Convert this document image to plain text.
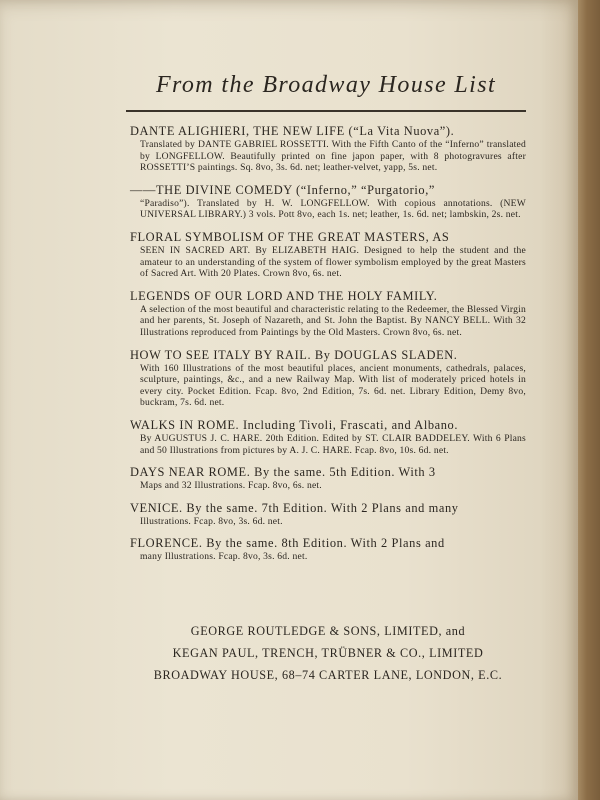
From the Broadway House List
DANTE ALIGHIERI, THE NEW LIFE (“La Vita Nuova”).
Translated by DANTE GABRIEL ROSSETTI. With the Fifth Canto of the “Inferno” translated by LONGFELLOW. Beautifully printed on fine japon paper, with 8 photogravures after ROSSETTI’S paintings. Sq. 8vo, 3s. 6d. net; leather-velvet, yapp, 5s. net.
——THE DIVINE COMEDY (“Inferno,” “Purgatorio,”
“Paradiso”). Translated by H. W. LONGFELLOW. With copious annotations. (NEW UNIVERSAL LIBRARY.) 3 vols. Pott 8vo, each 1s. net; leather, 1s. 6d. net; lambskin, 2s. net.
FLORAL SYMBOLISM OF THE GREAT MASTERS, AS
SEEN IN SACRED ART. By ELIZABETH HAIG. Designed to help the student and the amateur to an understanding of the system of flower symbolism employed by the great Masters of Sacred Art. With 20 Plates. Crown 8vo, 6s. net.
LEGENDS OF OUR LORD AND THE HOLY FAMILY.
A selection of the most beautiful and characteristic relating to the Redeemer, the Blessed Virgin and her parents, St. Joseph of Nazareth, and St. John the Baptist. By NANCY BELL. With 32 Illustrations reproduced from Paintings by the Old Masters. Crown 8vo, 6s. net.
HOW TO SEE ITALY BY RAIL. By DOUGLAS SLADEN.
With 160 Illustrations of the most beautiful places, ancient monuments, cathedrals, palaces, sculpture, paintings, &c., and a new Railway Map. With list of moderately priced hotels in every city. Pocket Edition. Fcap. 8vo, 2nd Edition, 7s. 6d. net. Library Edition, Demy 8vo, buckram, 7s. 6d. net.
WALKS IN ROME. Including Tivoli, Frascati, and Albano.
By AUGUSTUS J. C. HARE. 20th Edition. Edited by ST. CLAIR BADDELEY. With 6 Plans and 50 Illustrations from pictures by A. J. C. HARE. Fcap. 8vo, 10s. 6d. net.
DAYS NEAR ROME. By the same. 5th Edition. With 3
Maps and 32 Illustrations. Fcap. 8vo, 6s. net.
VENICE. By the same. 7th Edition. With 2 Plans and many
Illustrations. Fcap. 8vo, 3s. 6d. net.
FLORENCE. By the same. 8th Edition. With 2 Plans and
many Illustrations. Fcap. 8vo, 3s. 6d. net.
GEORGE ROUTLEDGE & SONS, LIMITED, and
KEGAN PAUL, TRENCH, TRÜBNER & CO., LIMITED
BROADWAY HOUSE, 68–74 CARTER LANE, LONDON, E.C.
